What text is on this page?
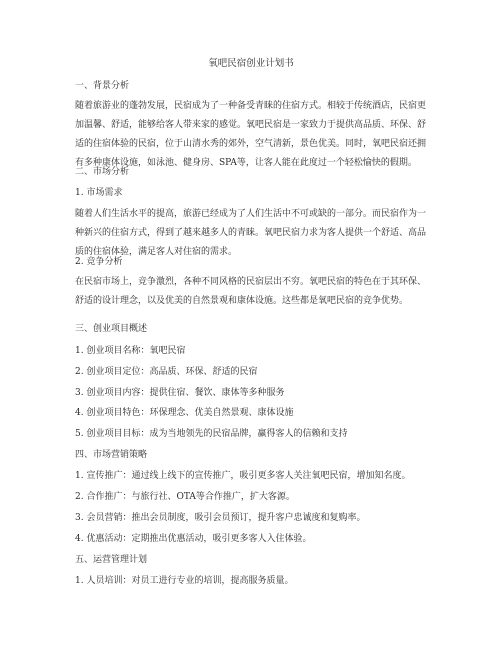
氧吧民宿创业计划书

一、背景分析

随着旅游业的蓬勃发展，民宿成为了一种备受青睐的住宿方式。相较于传统酒店，民宿更加温馨、舒适，能够给客人带来家的感觉。氧吧民宿是一家致力于提供高品质、环保、舒适的住宿体验的民宿，位于山清水秀的郊外，空气清新，景色优美。同时，氧吧民宿还拥有多种康体设施，如泳池、健身房、SPA等，让客人能在此度过一个轻松愉快的假期。

二、市场分析

1. 市场需求

随着人们生活水平的提高，旅游已经成为了人们生活中不可或缺的一部分。而民宿作为一种新兴的住宿方式，得到了越来越多人的青睐。氧吧民宿力求为客人提供一个舒适、高品质的住宿体验，满足客人对住宿的需求。

2. 竞争分析

在民宿市场上，竞争激烈，各种不同风格的民宿层出不穷。氧吧民宿的特色在于其环保、舒适的设计理念，以及优美的自然景观和康体设施。这些都是氧吧民宿的竞争优势。

三、创业项目概述

1. 创业项目名称：氧吧民宿

2. 创业项目定位：高品质、环保、舒适的民宿

3. 创业项目内容：提供住宿、餐饮、康体等多种服务

4. 创业项目特色：环保理念、优美自然景观、康体设施

5. 创业项目目标：成为当地领先的民宿品牌，赢得客人的信赖和支持

四、市场营销策略

1. 宣传推广：通过线上线下的宣传推广，吸引更多客人关注氧吧民宿，增加知名度。

2. 合作推广：与旅行社、OTA等合作推广，扩大客源。

3. 会员营销：推出会员制度，吸引会员预订，提升客户忠诚度和复购率。

4. 优惠活动：定期推出优惠活动，吸引更多客人入住体验。

五、运营管理计划

1. 人员培训：对员工进行专业的培训，提高服务质量。
